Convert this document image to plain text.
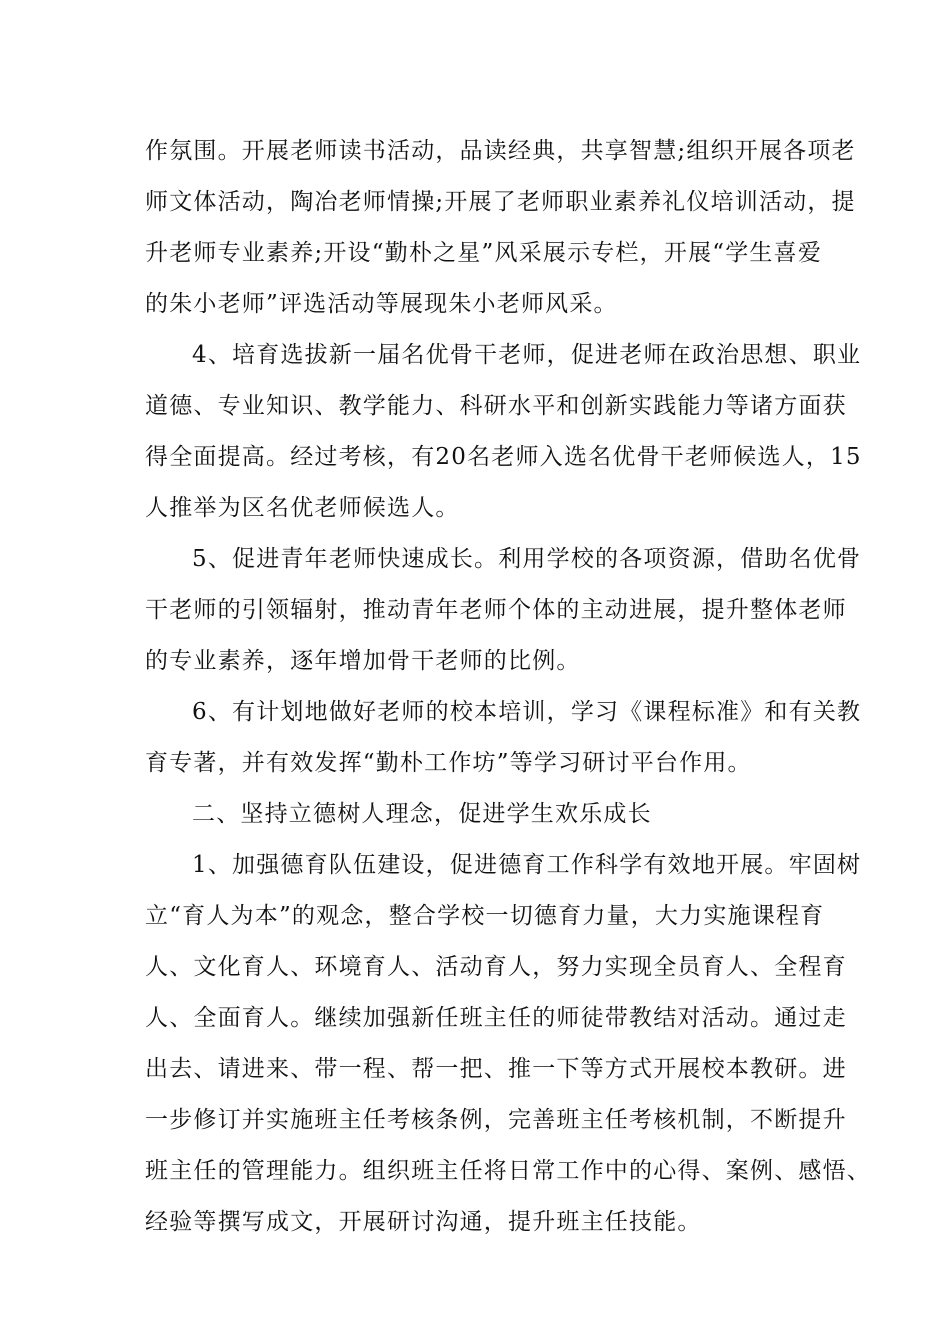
作氛围。开展老师读书活动，品读经典，共享智慧;组织开展各项老
师文体活动，陶冶老师情操;开展了老师职业素养礼仪培训活动，提
升老师专业素养;开设“勤朴之星”风采展示专栏，开展“学生喜爱
的朱小老师”评选活动等展现朱小老师风采。
4、培育选拔新一届名优骨干老师，促进老师在政治思想、职业
道德、专业知识、教学能力、科研水平和创新实践能力等诸方面获
得全面提高。经过考核，有20名老师入选名优骨干老师候选人，15
人推举为区名优老师候选人。
5、促进青年老师快速成长。利用学校的各项资源，借助名优骨
干老师的引领辐射，推动青年老师个体的主动进展，提升整体老师
的专业素养，逐年增加骨干老师的比例。
6、有计划地做好老师的校本培训，学习《课程标准》和有关教
育专著，并有效发挥“勤朴工作坊”等学习研讨平台作用。
二、坚持立德树人理念，促进学生欢乐成长
1、加强德育队伍建设，促进德育工作科学有效地开展。牢固树
立“育人为本”的观念，整合学校一切德育力量，大力实施课程育
人、文化育人、环境育人、活动育人，努力实现全员育人、全程育
人、全面育人。继续加强新任班主任的师徒带教结对活动。通过走
出去、请进来、带一程、帮一把、推一下等方式开展校本教研。进
一步修订并实施班主任考核条例，完善班主任考核机制，不断提升
班主任的管理能力。组织班主任将日常工作中的心得、案例、感悟、
经验等撰写成文，开展研讨沟通，提升班主任技能。
